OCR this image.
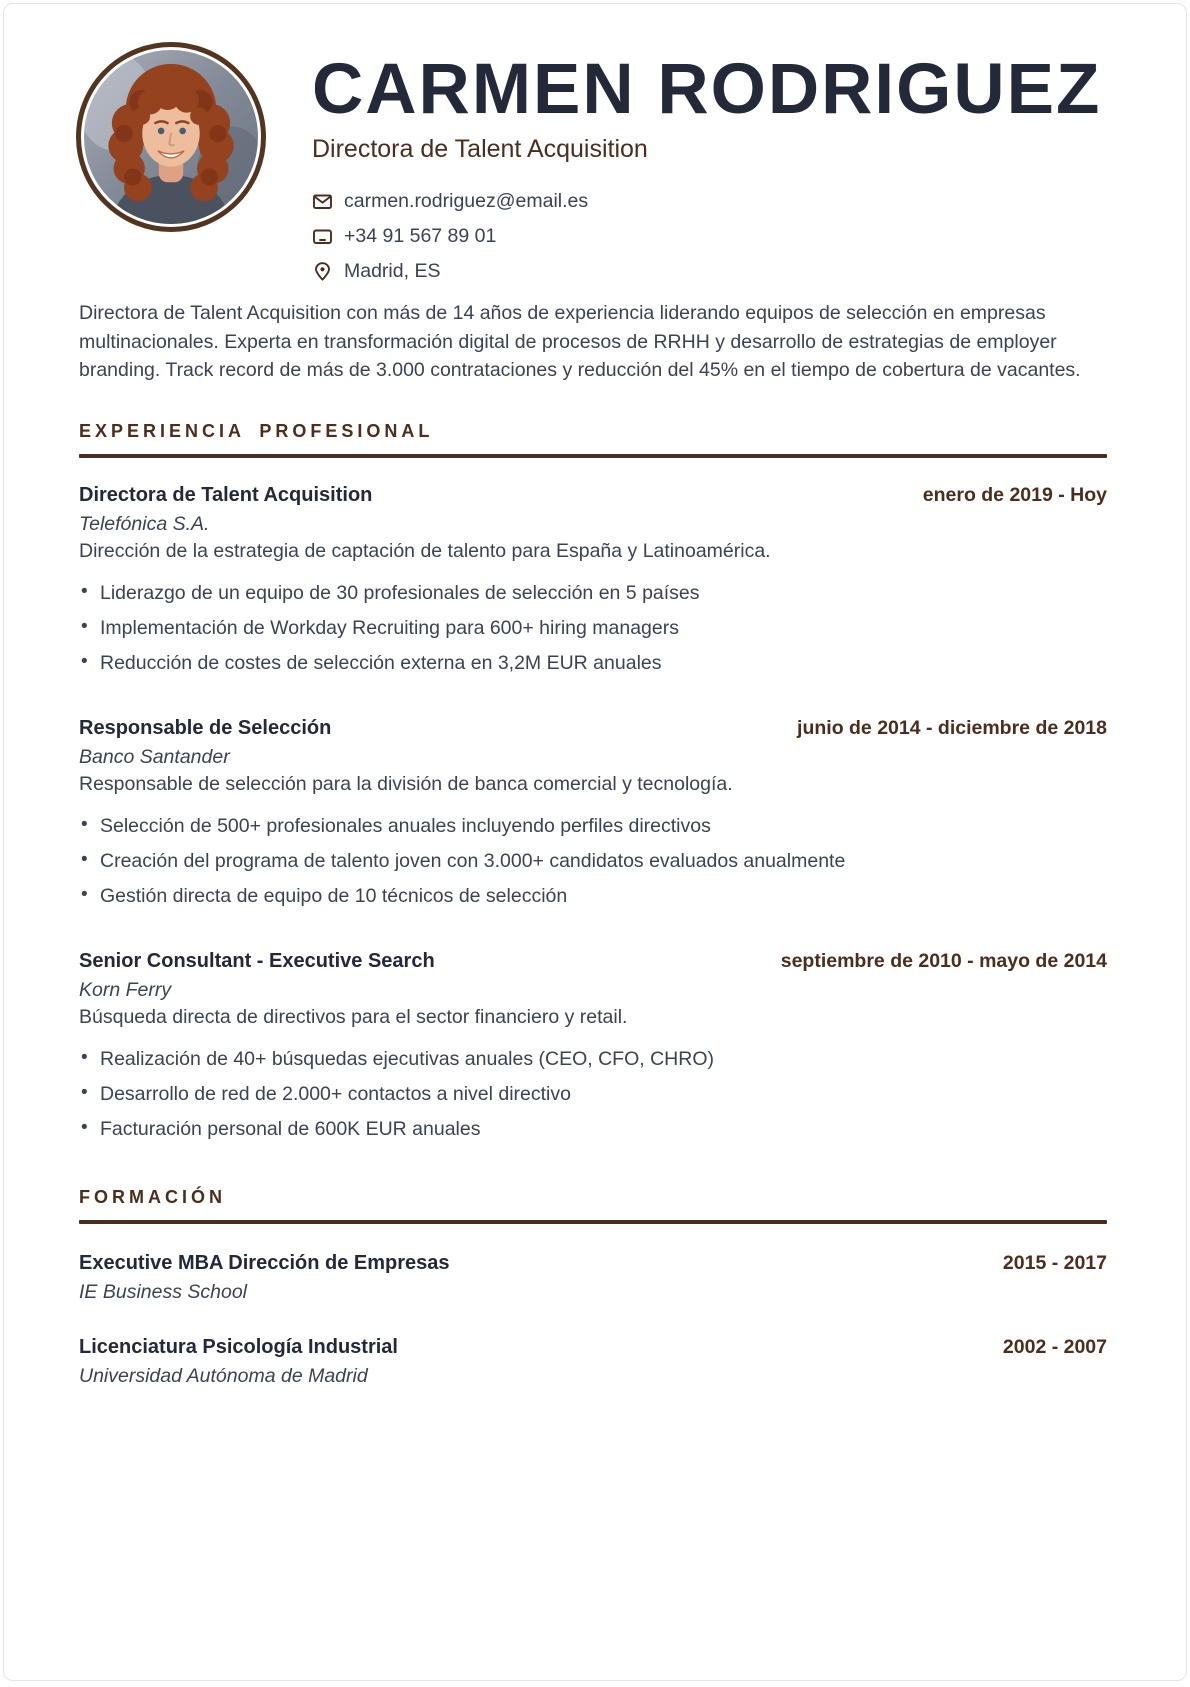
CARMEN RODRIGUEZ
Directora de Talent Acquisition
carmen.rodriguez@email.es
+34 91 567 89 01
Madrid, ES

Directora de Talent Acquisition con más de 14 años de experiencia liderando equipos de selección en empresas multinacionales. Experta en transformación digital de procesos de RRHH y desarrollo de estrategias de employer branding. Track record de más de 3.000 contrataciones y reducción del 45% en el tiempo de cobertura de vacantes.

EXPERIENCIA PROFESIONAL
Directora de Talent Acquisition	enero de 2019 - Hoy
Telefónica S.A.
Dirección de la estrategia de captación de talento para España y Latinoamérica.
• Liderazgo de un equipo de 30 profesionales de selección en 5 países
• Implementación de Workday Recruiting para 600+ hiring managers
• Reducción de costes de selección externa en 3,2M EUR anuales
Responsable de Selección	junio de 2014 - diciembre de 2018
Banco Santander
Responsable de selección para la división de banca comercial y tecnología.
• Selección de 500+ profesionales anuales incluyendo perfiles directivos
• Creación del programa de talento joven con 3.000+ candidatos evaluados anualmente
• Gestión directa de equipo de 10 técnicos de selección
Senior Consultant - Executive Search	septiembre de 2010 - mayo de 2014
Korn Ferry
Búsqueda directa de directivos para el sector financiero y retail.
• Realización de 40+ búsquedas ejecutivas anuales (CEO, CFO, CHRO)
• Desarrollo de red de 2.000+ contactos a nivel directivo
• Facturación personal de 600K EUR anuales
FORMACIÓN
Executive MBA Dirección de Empresas	2015 - 2017
IE Business School
Licenciatura Psicología Industrial	2002 - 2007
Universidad Autónoma de Madrid
